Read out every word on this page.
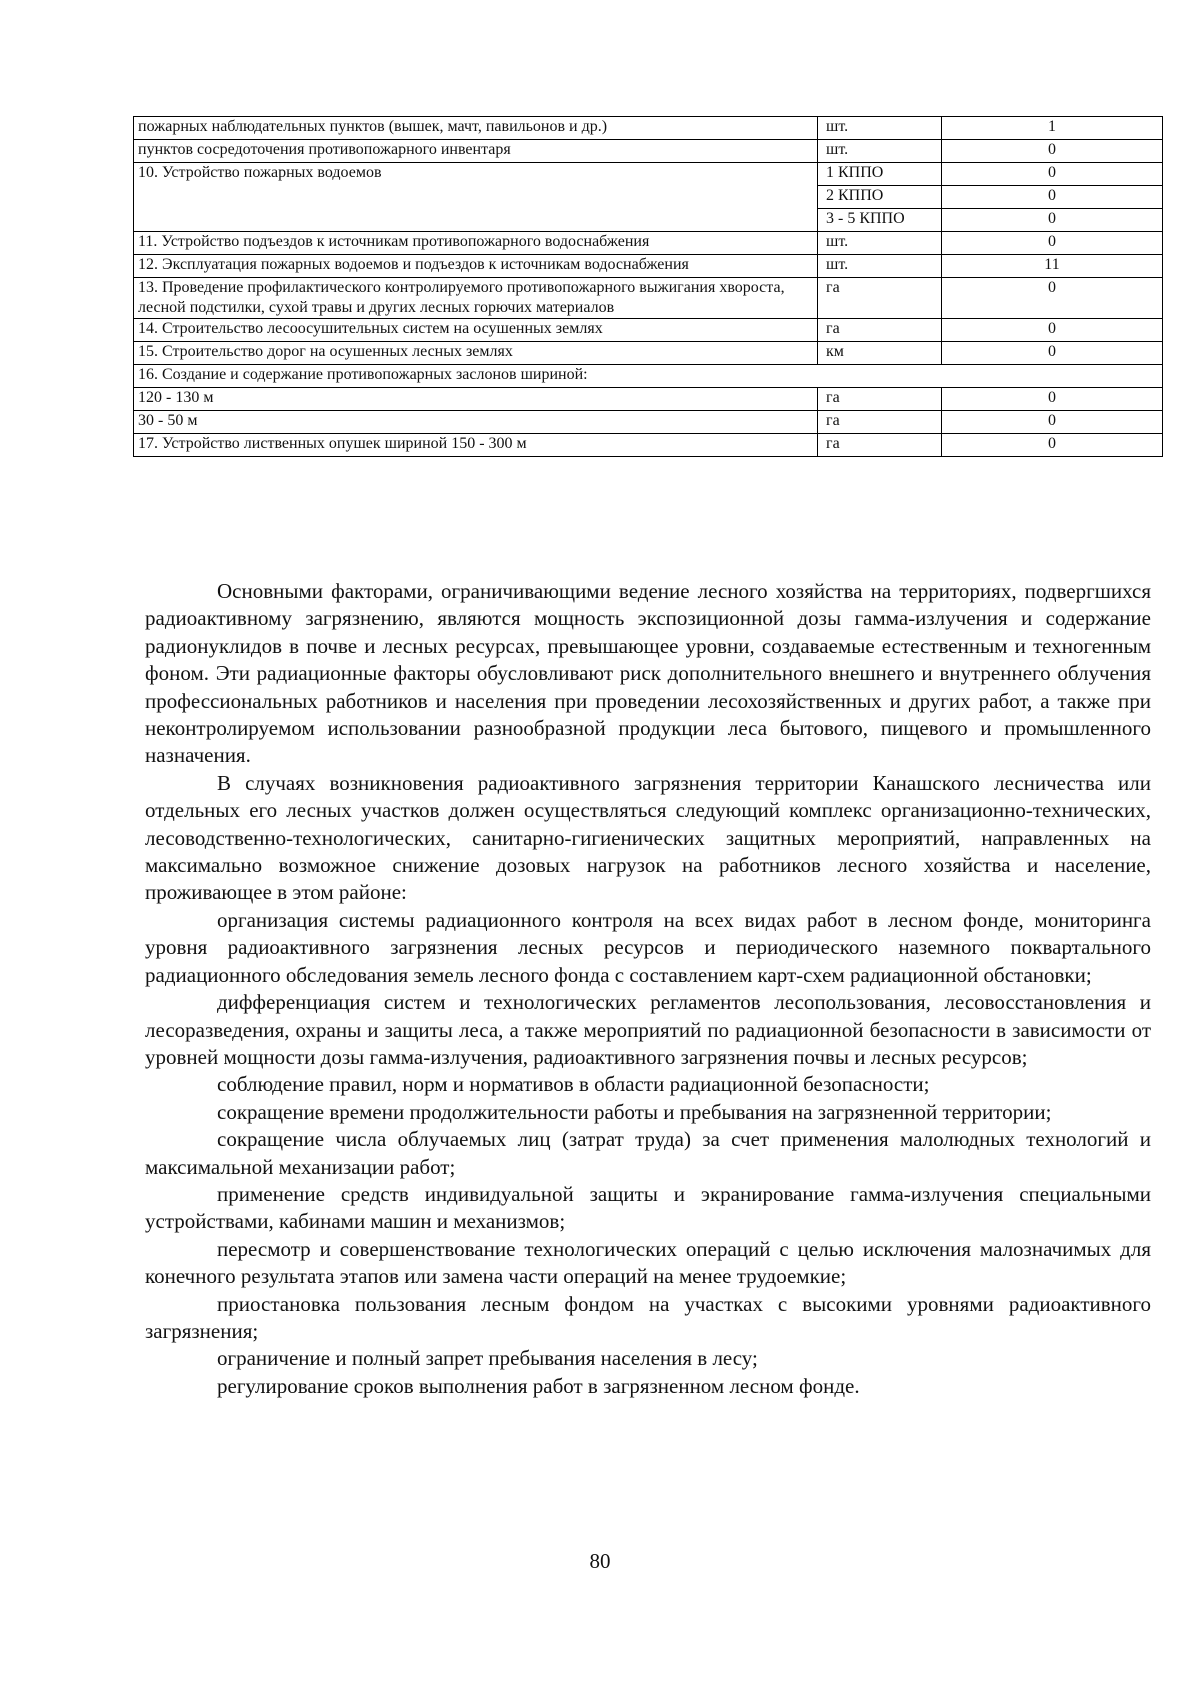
пожарных наблюдательных пунктов (вышек, мачт, павильонов и др.)	шт.	1
пунктов сосредоточения противопожарного инвентаря	шт.	0
10. Устройство пожарных водоемов	1 КППО	0
	2 КППО	0
	3 - 5 КППО	0
11. Устройство подъездов к источникам противопожарного водоснабжения	шт.	0
12. Эксплуатация пожарных водоемов и подъездов к источникам водоснабжения	шт.	11
13. Проведение профилактического контролируемого противопожарного выжигания хвороста, лесной подстилки, сухой травы и других лесных горючих материалов	га	0
14. Строительство лесоосушительных систем на осушенных землях	га	0
15. Строительство дорог на осушенных лесных землях	км	0
16. Создание и содержание противопожарных заслонов шириной:		
120 - 130 м	га	0
30 - 50 м	га	0
17. Устройство лиственных опушек шириной 150 - 300 м	га	0

Основными факторами, ограничивающими ведение лесного хозяйства на территориях, подвергшихся радиоактивному загрязнению, являются мощность экспозиционной дозы гамма-излучения и содержание радионуклидов в почве и лесных ресурсах, превышающее уровни, создаваемые естественным и техногенным фоном. Эти радиационные факторы обусловливают риск дополнительного внешнего и внутреннего облучения профессиональных работников и населения при проведении лесохозяйственных и других работ, а также при неконтролируемом использовании разнообразной продукции леса бытового, пищевого и промышленного назначения.

В случаях возникновения радиоактивного загрязнения территории Канашского лесничества или отдельных его лесных участков должен осуществляться следующий комплекс организационно-технических, лесоводственно-технологических, санитарно-гигиенических защитных мероприятий, направленных на максимально возможное снижение дозовых нагрузок на работников лесного хозяйства и население, проживающее в этом районе:

организация системы радиационного контроля на всех видах работ в лесном фонде, мониторинга уровня радиоактивного загрязнения лесных ресурсов и периодического наземного поквартального радиационного обследования земель лесного фонда с составлением карт-схем радиационной обстановки;

дифференциация систем и технологических регламентов лесопользования, лесовосстановления и лесоразведения, охраны и защиты леса, а также мероприятий по радиационной безопасности в зависимости от уровней мощности дозы гамма-излучения, радиоактивного загрязнения почвы и лесных ресурсов;

соблюдение правил, норм и нормативов в области радиационной безопасности;

сокращение времени продолжительности работы и пребывания на загрязненной территории;

сокращение числа облучаемых лиц (затрат труда) за счет применения малолюдных технологий и максимальной механизации работ;

применение средств индивидуальной защиты и экранирование гамма-излучения специальными устройствами, кабинами машин и механизмов;

пересмотр и совершенствование технологических операций с целью исключения малозначимых для конечного результата этапов или замена части операций на менее трудоемкие;

приостановка пользования лесным фондом на участках с высокими уровнями радиоактивного загрязнения;

ограничение и полный запрет пребывания населения в лесу;

регулирование сроков выполнения работ в загрязненном лесном фонде.

80
